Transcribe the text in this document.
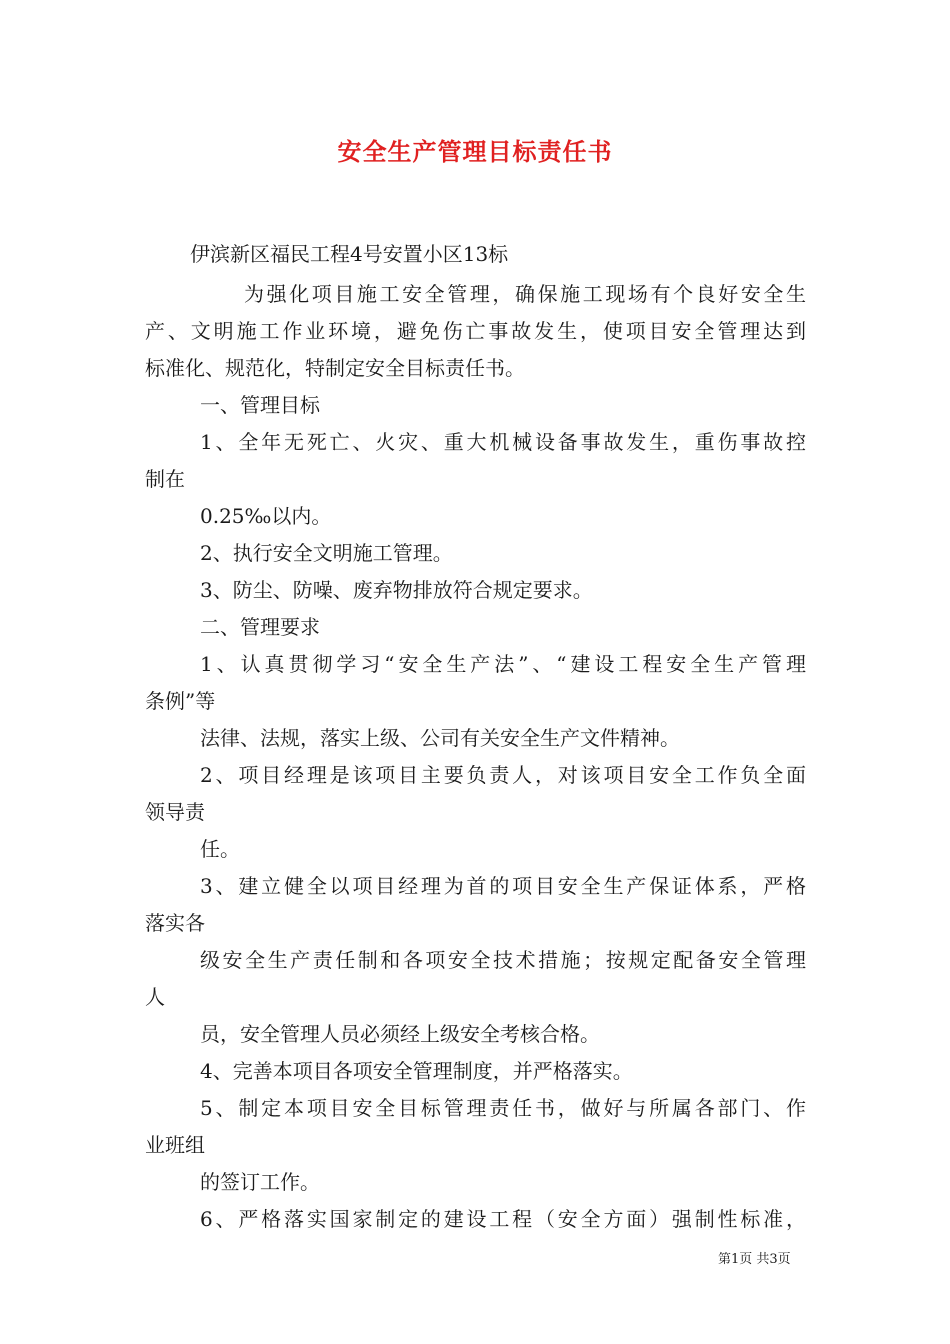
安全生产管理目标责任书
伊滨新区福民工程4号安置小区13标
为强化项目施工安全管理，确保施工现场有个良好安全生
产、文明施工作业环境，避免伤亡事故发生，使项目安全管理达到
标准化、规范化，特制定安全目标责任书。
一、管理目标
1、全年无死亡、火灾、重大机械设备事故发生，重伤事故控
制在
0.25‰以内。
2、执行安全文明施工管理。
3、防尘、防噪、废弃物排放符合规定要求。
二、管理要求
1、认真贯彻学习“安全生产法”、“建设工程安全生产管理
条例”等
法律、法规，落实上级、公司有关安全生产文件精神。
2、项目经理是该项目主要负责人，对该项目安全工作负全面
领导责
任。
3、建立健全以项目经理为首的项目安全生产保证体系，严格
落实各
级安全生产责任制和各项安全技术措施；按规定配备安全管理
人
员，安全管理人员必须经上级安全考核合格。
4、完善本项目各项安全管理制度，并严格落实。
5、制定本项目安全目标管理责任书，做好与所属各部门、作
业班组
的签订工作。
6、严格落实国家制定的建设工程（安全方面）强制性标准，
第1页 共3页
